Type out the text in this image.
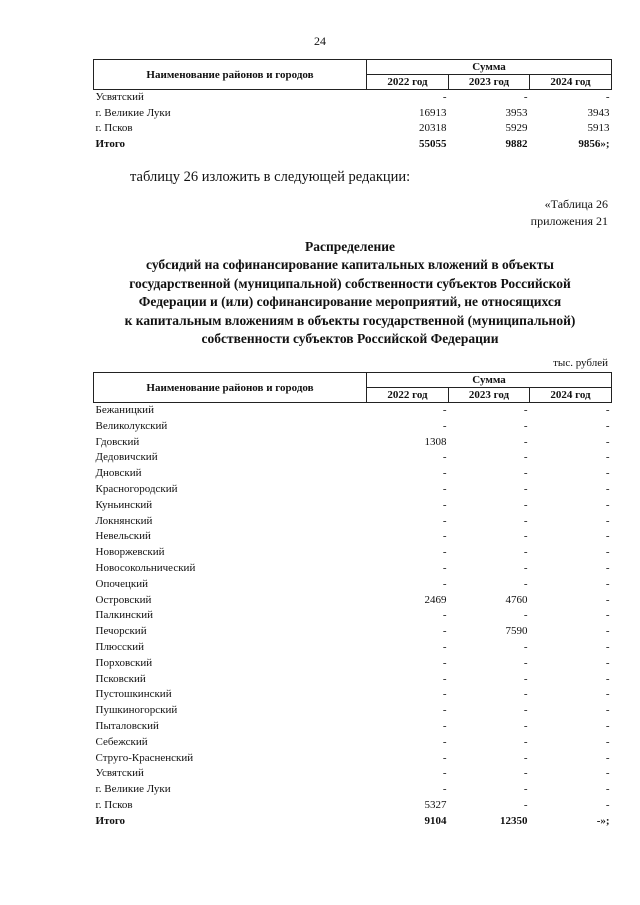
24
Наименование районов и городов	Сумма		
	2022 год	2023 год	2024 год
Усвятский	-	-	-
г. Великие Луки	16913	3953	3943
г. Псков	20318	5929	5913
Итого	55055	9882	9856»;
таблицу 26 изложить в следующей редакции:
«Таблица 26
приложения 21
Распределение
субсидий на софинансирование капитальных вложений в объекты
государственной (муниципальной) собственности субъектов Российской
Федерации и (или) софинансирование мероприятий, не относящихся
к капитальным вложениям в объекты государственной (муниципальной)
собственности субъектов Российской Федерации
тыс. рублей
Наименование районов и городов	Сумма		
	2022 год	2023 год	2024 год
Бежаницкий	-	-	-
Великолукский	-	-	-
Гдовский	1308	-	-
Дедовичский	-	-	-
Дновский	-	-	-
Красногородский	-	-	-
Куньинский	-	-	-
Локнянский	-	-	-
Невельский	-	-	-
Новоржевский	-	-	-
Новосокольнический	-	-	-
Опочецкий	-	-	-
Островский	2469	4760	-
Палкинский	-	-	-
Печорский	-	7590	-
Плюсский	-	-	-
Порховский	-	-	-
Псковский	-	-	-
Пустошкинский	-	-	-
Пушкиногорский	-	-	-
Пыталовский	-	-	-
Себежский	-	-	-
Струго-Красненский	-	-	-
Усвятский	-	-	-
г. Великие Луки	-	-	-
г. Псков	5327	-	-
Итого	9104	12350	-»;
